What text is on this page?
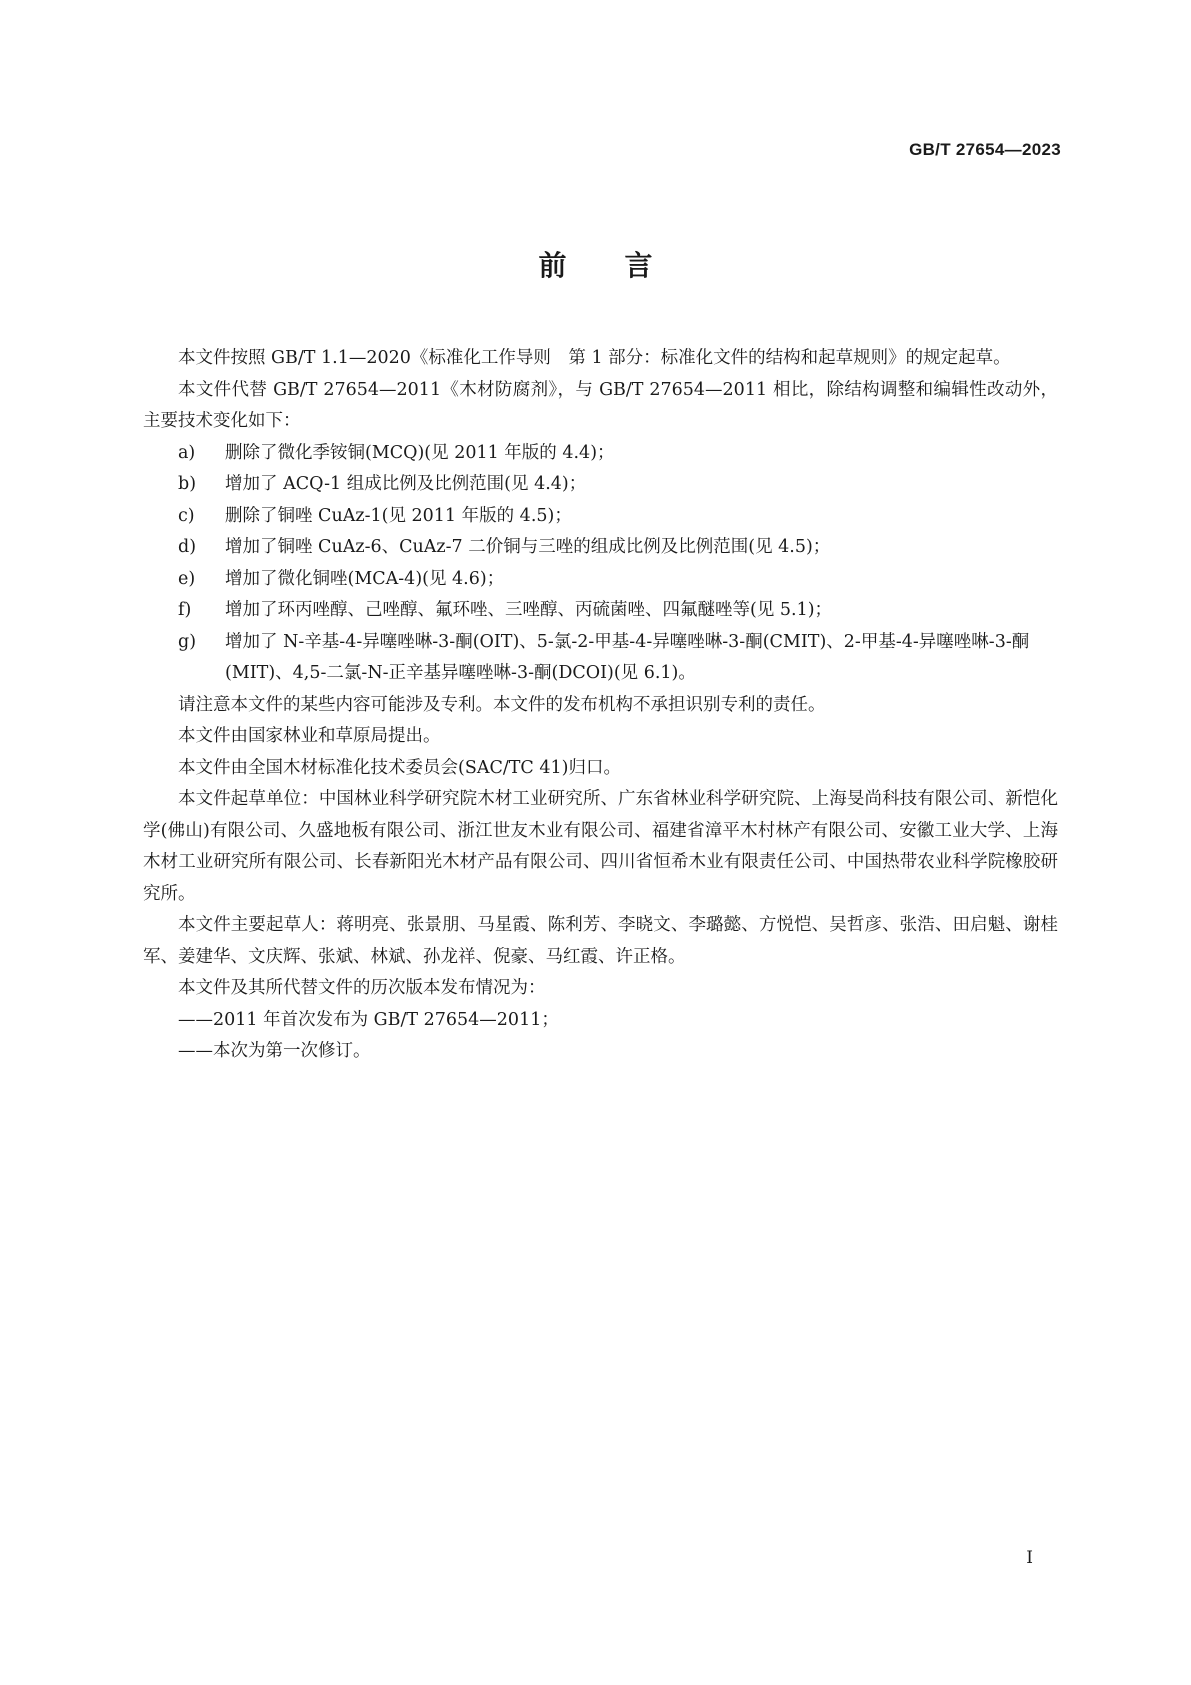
GB/T 27654—2023
前言

本文件按照 GB/T 1.1—2020《标准化工作导则　第 1 部分：标准化文件的结构和起草规则》的规定起草。

本文件代替 GB/T 27654—2011《木材防腐剂》，与 GB/T 27654—2011 相比，除结构调整和编辑性改动外，主要技术变化如下：

a) 删除了微化季铵铜(MCQ)(见 2011 年版的 4.4)；

b) 增加了 ACQ-1 组成比例及比例范围(见 4.4)；

c) 删除了铜唑 CuAz-1(见 2011 年版的 4.5)；

d) 增加了铜唑 CuAz-6、CuAz-7 二价铜与三唑的组成比例及比例范围(见 4.5)；

e) 增加了微化铜唑(MCA-4)(见 4.6)；

f) 增加了环丙唑醇、己唑醇、氟环唑、三唑醇、丙硫菌唑、四氟醚唑等(见 5.1)；

g) 增加了 N-辛基-4-异噻唑啉-3-酮(OIT)、5-氯-2-甲基-4-异噻唑啉-3-酮(CMIT)、2-甲基-4-异噻唑啉-3-酮(MIT)、4,5-二氯-N-正辛基异噻唑啉-3-酮(DCOI)(见 6.1)。

请注意本文件的某些内容可能涉及专利。本文件的发布机构不承担识别专利的责任。

本文件由国家林业和草原局提出。

本文件由全国木材标准化技术委员会(SAC/TC 41)归口。

本文件起草单位：中国林业科学研究院木材工业研究所、广东省林业科学研究院、上海旻尚科技有限公司、新恺化学(佛山)有限公司、久盛地板有限公司、浙江世友木业有限公司、福建省漳平木村林产有限公司、安徽工业大学、上海木材工业研究所有限公司、长春新阳光木材产品有限公司、四川省恒希木业有限责任公司、中国热带农业科学院橡胶研究所。

本文件主要起草人：蒋明亮、张景朋、马星霞、陈利芳、李晓文、李璐懿、方悦恺、吴哲彦、张浩、田启魁、谢桂军、姜建华、文庆辉、张斌、林斌、孙龙祥、倪豪、马红霞、许正格。

本文件及其所代替文件的历次版本发布情况为：

——2011 年首次发布为 GB/T 27654—2011；

——本次为第一次修订。

I
